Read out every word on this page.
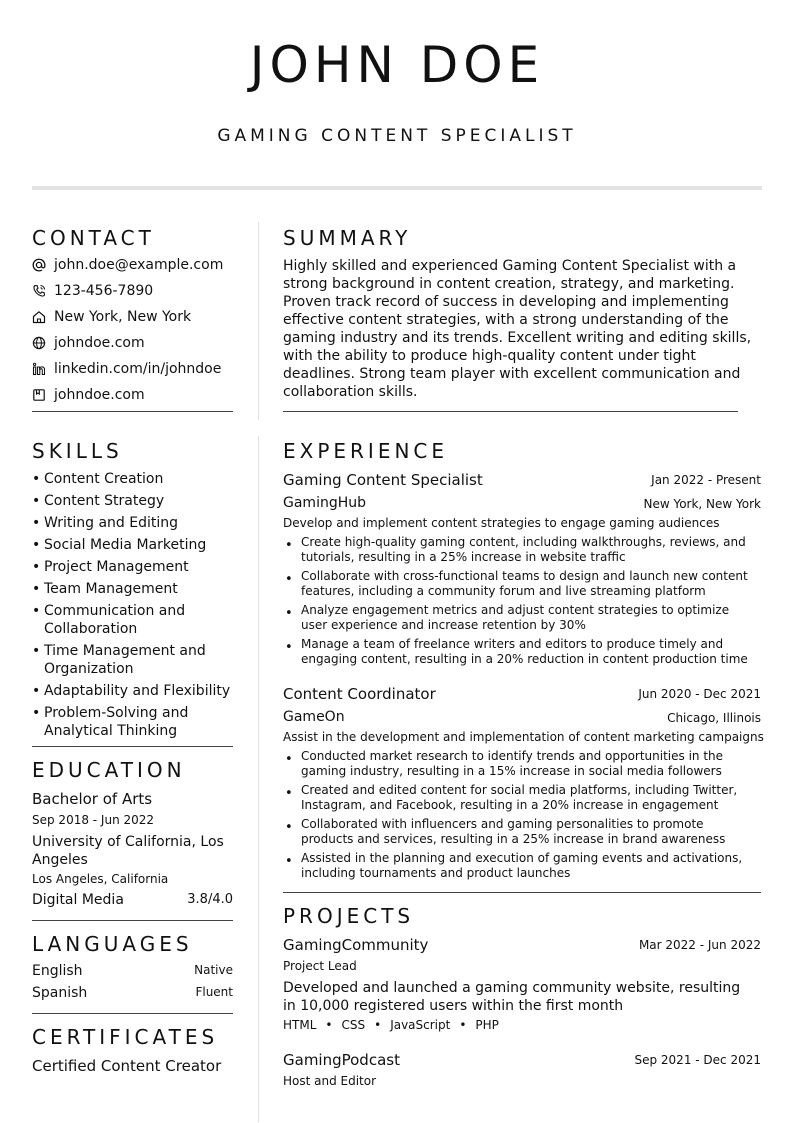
JOHN DOE
GAMING CONTENT SPECIALIST
CONTACT
john.doe@example.com
123-456-7890
New York, New York
johndoe.com
linkedin.com/in/johndoe
johndoe.com
SKILLS
• Content Creation
• Content Strategy
• Writing and Editing
• Social Media Marketing
• Project Management
• Team Management
• Communication and Collaboration
• Time Management and Organization
• Adaptability and Flexibility
• Problem-Solving and Analytical Thinking
EDUCATION
Bachelor of Arts
Sep 2018 - Jun 2022
University of California, Los Angeles
Los Angeles, California
Digital Media	3.8/4.0
LANGUAGES
English	Native
Spanish	Fluent
CERTIFICATES
Certified Content Creator
SUMMARY
Highly skilled and experienced Gaming Content Specialist with a strong background in content creation, strategy, and marketing. Proven track record of success in developing and implementing effective content strategies, with a strong understanding of the gaming industry and its trends. Excellent writing and editing skills, with the ability to produce high-quality content under tight deadlines. Strong team player with excellent communication and collaboration skills.
EXPERIENCE
Gaming Content Specialist	Jan 2022 - Present
GamingHub	New York, New York
Develop and implement content strategies to engage gaming audiences
• Create high-quality gaming content, including walkthroughs, reviews, and tutorials, resulting in a 25% increase in website traffic
• Collaborate with cross-functional teams to design and launch new content features, including a community forum and live streaming platform
• Analyze engagement metrics and adjust content strategies to optimize user experience and increase retention by 30%
• Manage a team of freelance writers and editors to produce timely and engaging content, resulting in a 20% reduction in content production time
Content Coordinator	Jun 2020 - Dec 2021
GameOn	Chicago, Illinois
Assist in the development and implementation of content marketing campaigns
• Conducted market research to identify trends and opportunities in the gaming industry, resulting in a 15% increase in social media followers
• Created and edited content for social media platforms, including Twitter, Instagram, and Facebook, resulting in a 20% increase in engagement
• Collaborated with influencers and gaming personalities to promote products and services, resulting in a 25% increase in brand awareness
• Assisted in the planning and execution of gaming events and activations, including tournaments and product launches
PROJECTS
GamingCommunity	Mar 2022 - Jun 2022
Project Lead
Developed and launched a gaming community website, resulting in 10,000 registered users within the first month
HTML • CSS • JavaScript • PHP
GamingPodcast	Sep 2021 - Dec 2021
Host and Editor
